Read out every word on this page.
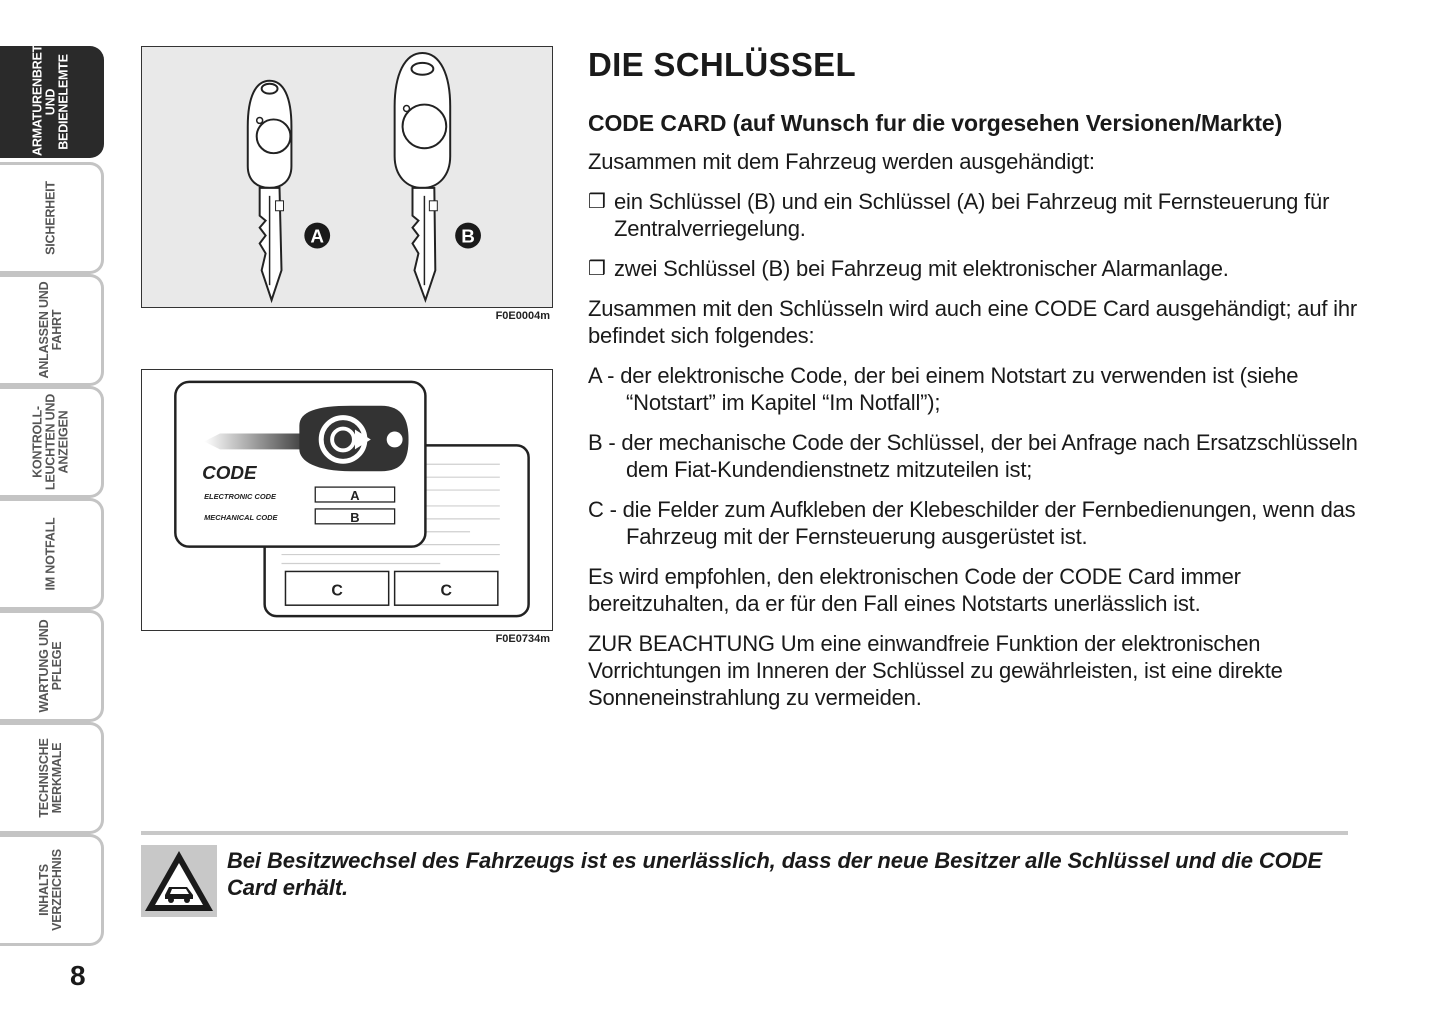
ARMATURENBRETT
UND
BEDIENELEMTE
SICHERHEIT
ANLASSEN UND
FAHRT
KONTROLL-
LEUCHTEN UND
ANZEIGEN
IM NOTFALL
WARTUNG UND
PFLEGE
TECHNISCHE
MERKMALE
INHALTS
VERZEICHNIS
8
A	B
F0E0004m
C	C
CODE
ELECTRONIC CODE
MECHANICAL CODE
A
B
F0E0734m
DIE SCHLÜSSEL
CODE CARD (auf Wunsch fur die vorgesehen Versionen/Markte)

Zusammen mit dem Fahrzeug werden ausgehändigt:

❒ ein Schlüssel (B) und ein Schlüssel (A) bei Fahrzeug mit Fernsteuerung für Zentralverriegelung.

❒ zwei Schlüssel (B) bei Fahrzeug mit elektronischer Alarmanlage.

Zusammen mit den Schlüsseln wird auch eine CODE Card ausgehändigt; auf ihr befindet sich folgendes:

A - der elektronische Code, der bei einem Notstart zu verwenden ist (siehe “Notstart” im Kapitel “Im Notfall”);

B - der mechanische Code der Schlüssel, der bei Anfrage nach Ersatzschlüsseln dem Fiat-Kundendienstnetz mitzuteilen ist;

C - die Felder zum Aufkleben der Klebeschilder der Fernbedienungen, wenn das Fahrzeug mit der Fernsteuerung ausgerüstet ist.

Es wird empfohlen, den elektronischen Code der CODE Card immer bereitzuhalten, da er für den Fall eines Notstarts unerlässlich ist.

ZUR BEACHTUNG Um eine einwandfreie Funktion der elektronischen Vorrichtungen im Inneren der Schlüssel zu gewährleisten, ist eine direkte Sonneneinstrahlung zu vermeiden.

Bei Besitzwechsel des Fahrzeugs ist es unerlässlich, dass der neue Besitzer alle Schlüssel und die CODE Card erhält.
